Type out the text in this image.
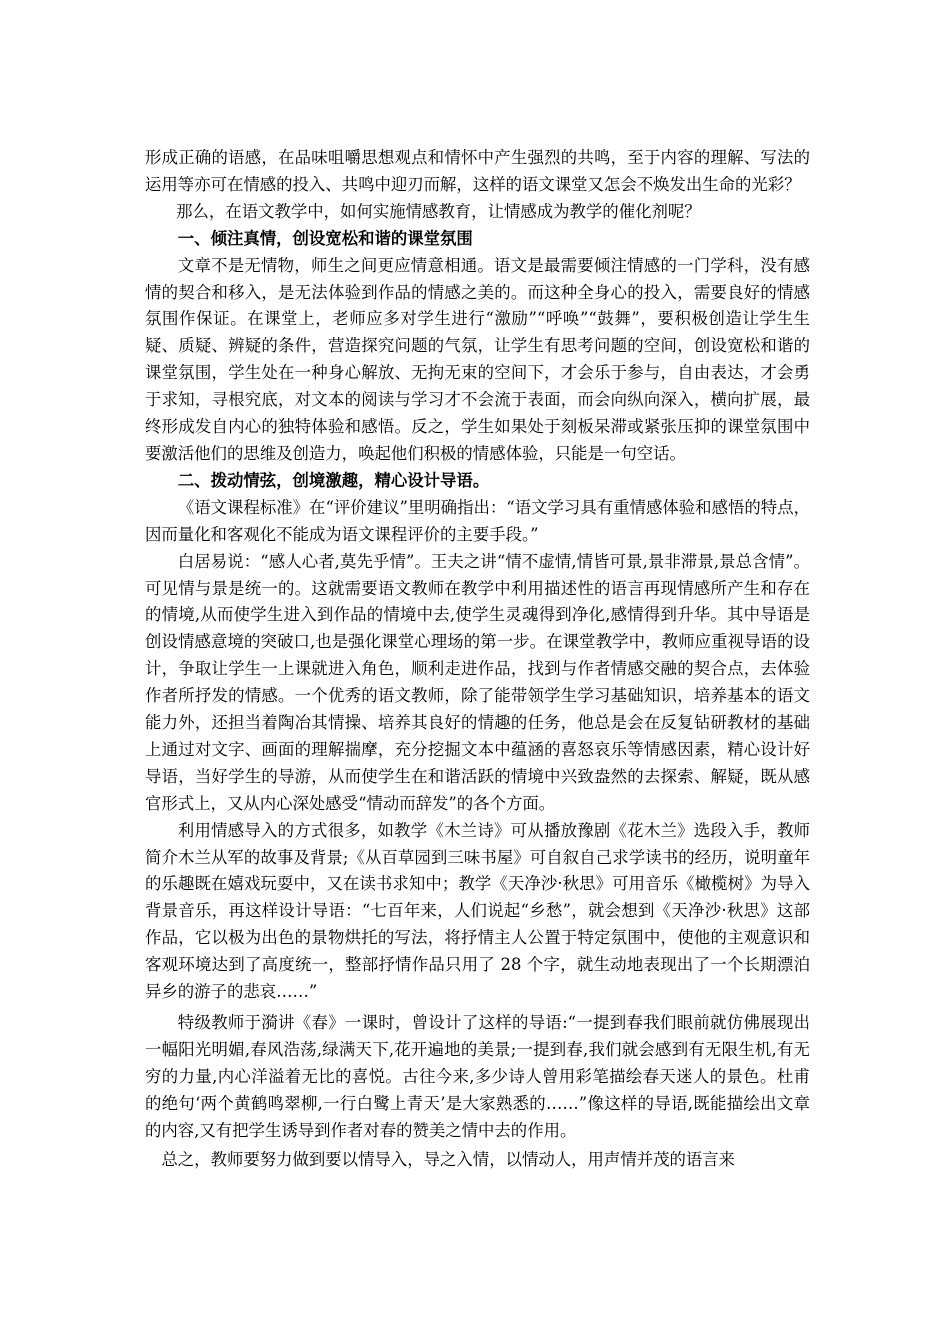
形成正确的语感，在品味咀嚼思想观点和情怀中产生强烈的共鸣，至于内容的理解、写法的运用等亦可在情感的投入、共鸣中迎刃而解，这样的语文课堂又怎会不焕发出生命的光彩？

那么，在语文教学中，如何实施情感教育，让情感成为教学的催化剂呢？

一、倾注真情，创设宽松和谐的课堂氛围

文章不是无情物，师生之间更应情意相通。语文是最需要倾注情感的一门学科，没有感情的契合和移入，是无法体验到作品的情感之美的。而这种全身心的投入，需要良好的情感氛围作保证。在课堂上，老师应多对学生进行“激励”“呼唤”“鼓舞”，要积极创造让学生生疑、质疑、辨疑的条件，营造探究问题的气氛，让学生有思考问题的空间，创设宽松和谐的课堂氛围，学生处在一种身心解放、无拘无束的空间下，才会乐于参与，自由表达，才会勇于求知，寻根究底，对文本的阅读与学习才不会流于表面，而会向纵向深入，横向扩展，最终形成发自内心的独特体验和感悟。反之，学生如果处于刻板呆滞或紧张压抑的课堂氛围中要激活他们的思维及创造力，唤起他们积极的情感体验，只能是一句空话。

二、拨动情弦，创境激趣，精心设计导语。

《语文课程标准》在“评价建议”里明确指出：“语文学习具有重情感体验和感悟的特点，因而量化和客观化不能成为语文课程评价的主要手段。”

白居易说：“感人心者,莫先乎情”。王夫之讲“情不虚情,情皆可景,景非滞景,景总含情”。可见情与景是统一的。这就需要语文教师在教学中利用描述性的语言再现情感所产生和存在的情境,从而使学生进入到作品的情境中去,使学生灵魂得到净化,感情得到升华。其中导语是创设情感意境的突破口,也是强化课堂心理场的第一步。在课堂教学中，教师应重视导语的设计，争取让学生一上课就进入角色，顺利走进作品，找到与作者情感交融的契合点，去体验作者所抒发的情感。一个优秀的语文教师，除了能带领学生学习基础知识，培养基本的语文能力外，还担当着陶冶其情操、培养其良好的情趣的任务，他总是会在反复钻研教材的基础上通过对文字、画面的理解揣摩，充分挖掘文本中蕴涵的喜怒哀乐等情感因素，精心设计好导语，当好学生的导游，从而使学生在和谐活跃的情境中兴致盎然的去探索、解疑，既从感官形式上，又从内心深处感受“情动而辞发”的各个方面。

利用情感导入的方式很多，如教学《木兰诗》可从播放豫剧《花木兰》选段入手，教师简介木兰从军的故事及背景;《从百草园到三味书屋》可自叙自己求学读书的经历，说明童年的乐趣既在嬉戏玩耍中，又在读书求知中；教学《天净沙·秋思》可用音乐《橄榄树》为导入背景音乐，再这样设计导语：“七百年来，人们说起“乡愁”，就会想到《天净沙·秋思》这部作品，它以极为出色的景物烘托的写法，将抒情主人公置于特定氛围中，使他的主观意识和客观环境达到了高度统一，整部抒情作品只用了 28 个字，就生动地表现出了一个长期漂泊异乡的游子的悲哀……”

特级教师于漪讲《春》一课时，曾设计了这样的导语:“一提到春我们眼前就仿佛展现出一幅阳光明媚,春风浩荡,绿满天下,花开遍地的美景;一提到春,我们就会感到有无限生机,有无穷的力量,内心洋溢着无比的喜悦。古往今来,多少诗人曾用彩笔描绘春天迷人的景色。杜甫的绝句‘两个黄鹤鸣翠柳,一行白鹭上青天’是大家熟悉的……”像这样的导语,既能描绘出文章的内容,又有把学生诱导到作者对春的赞美之情中去的作用。

总之，教师要努力做到要以情导入，导之入情，以情动人，用声情并茂的语言来
